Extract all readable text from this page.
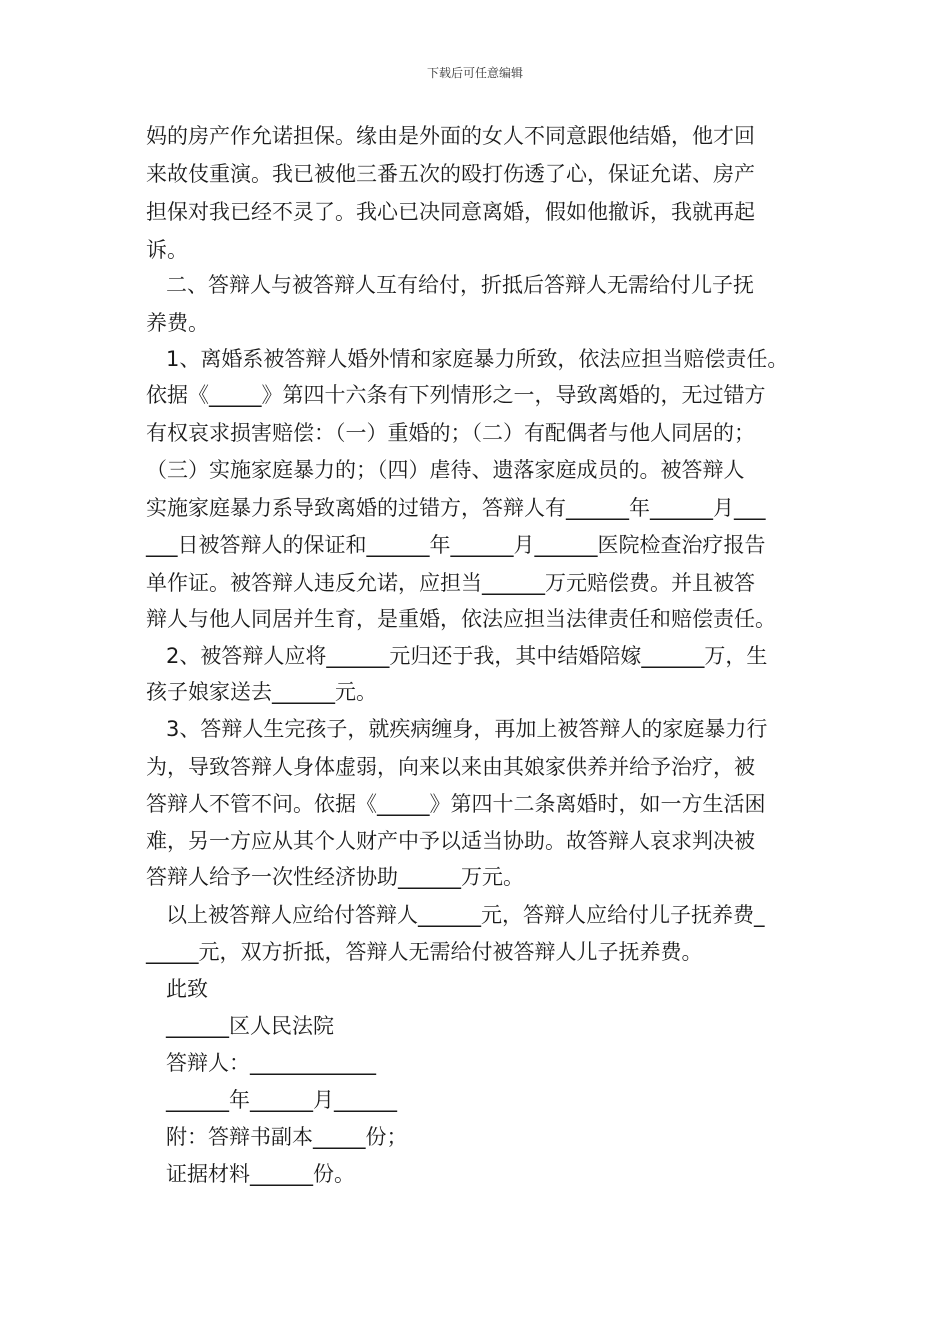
下载后可任意编辑
妈的房产作允诺担保。缘由是外面的女人不同意跟他结婚，他才回
来故伎重演。我已被他三番五次的殴打伤透了心，保证允诺、房产
担保对我已经不灵了。我心已决同意离婚，假如他撤诉，我就再起
诉。
二、答辩人与被答辩人互有给付，折抵后答辩人无需给付儿子抚
养费。
1、离婚系被答辩人婚外情和家庭暴力所致，依法应担当赔偿责任。
依据《_____》第四十六条有下列情形之一，导致离婚的，无过错方
有权哀求损害赔偿：（一）重婚的；（二）有配偶者与他人同居的；
（三）实施家庭暴力的；（四）虐待、遗落家庭成员的。被答辩人
实施家庭暴力系导致离婚的过错方，答辩人有______年______月___
___日被答辩人的保证和______年______月______医院检查治疗报告
单作证。被答辩人违反允诺，应担当______万元赔偿费。并且被答
辩人与他人同居并生育，是重婚，依法应担当法律责任和赔偿责任。
2、被答辩人应将______元归还于我，其中结婚陪嫁______万，生
孩子娘家送去______元。
3、答辩人生完孩子，就疾病缠身，再加上被答辩人的家庭暴力行
为，导致答辩人身体虚弱，向来以来由其娘家供养并给予治疗，被
答辩人不管不问。依据《_____》第四十二条离婚时，如一方生活困
难，另一方应从其个人财产中予以适当协助。故答辩人哀求判决被
答辩人给予一次性经济协助______万元。
以上被答辩人应给付答辩人______元，答辩人应给付儿子抚养费_
_____元，双方折抵，答辩人无需给付被答辩人儿子抚养费。
此致
______区人民法院
答辩人：____________
______年______月______
附：答辩书副本_____份；
证据材料______份。
